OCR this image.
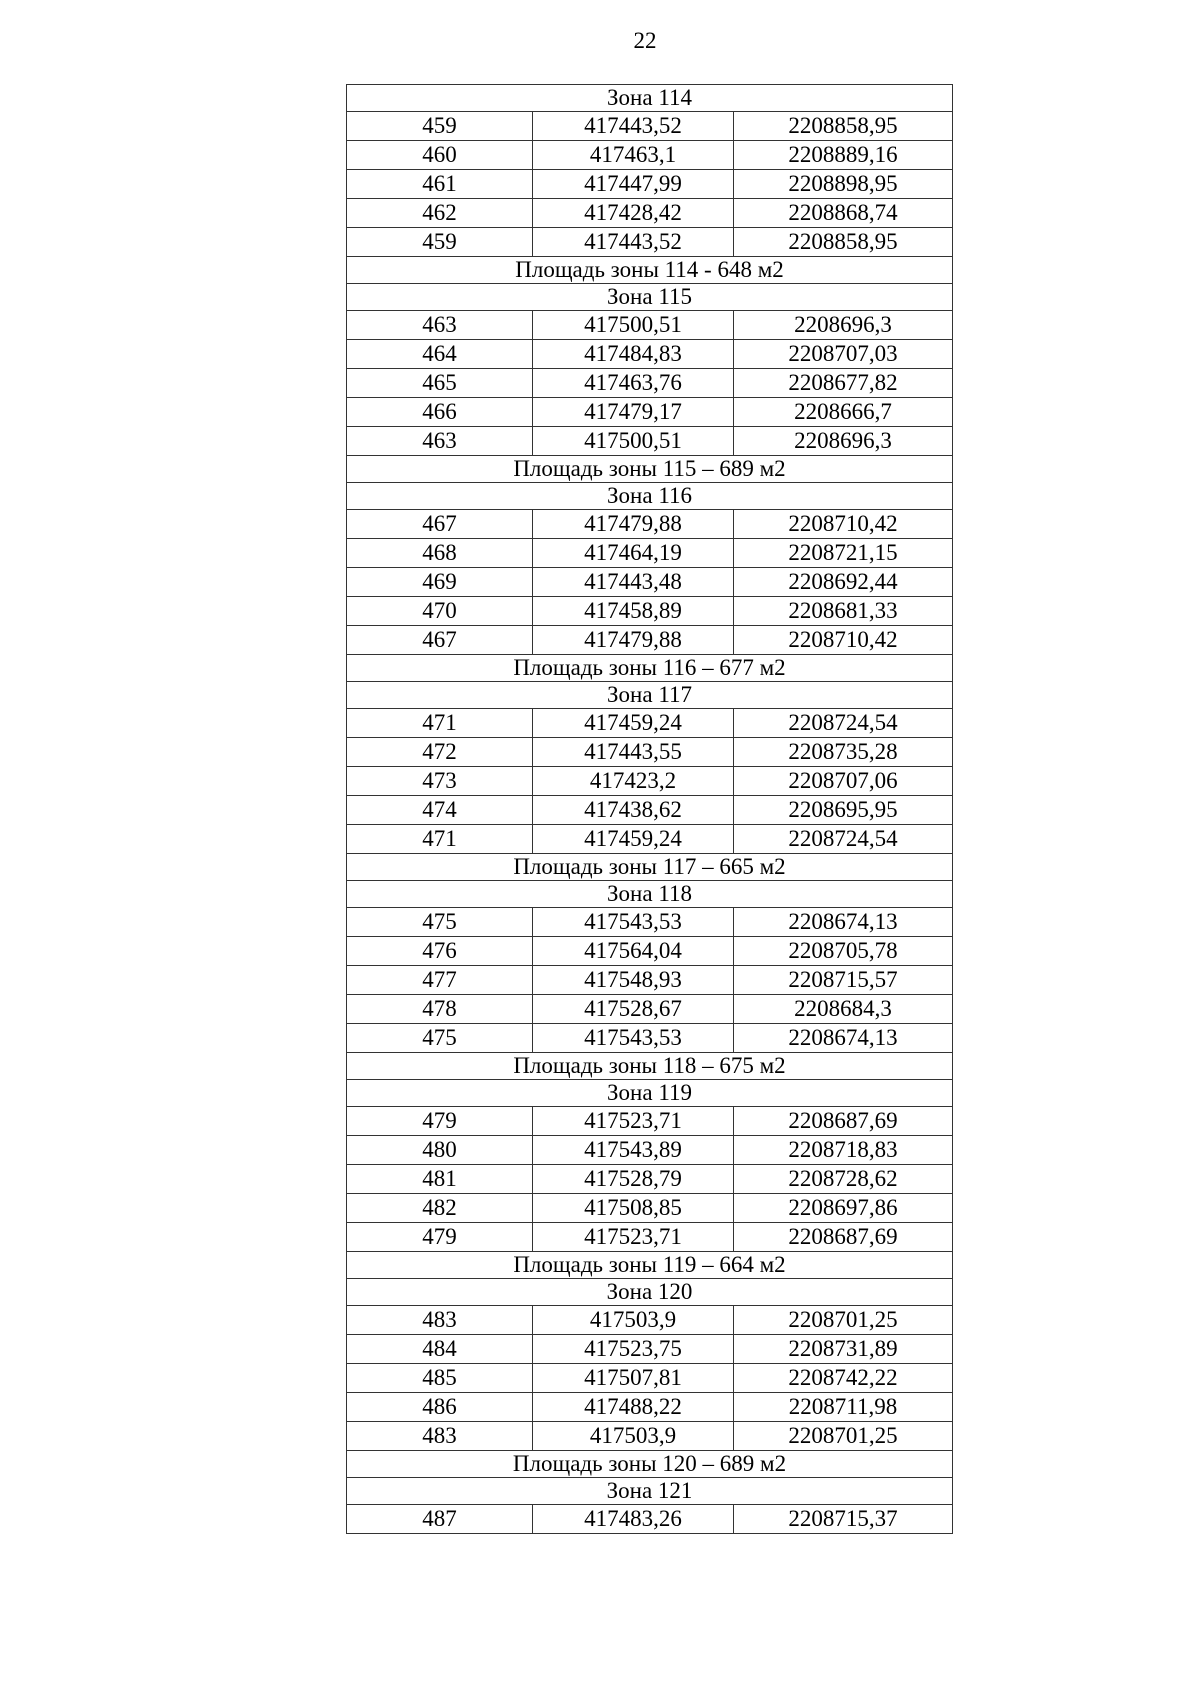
22
Зона 114		
459	417443,52	2208858,95
460	417463,1	2208889,16
461	417447,99	2208898,95
462	417428,42	2208868,74
459	417443,52	2208858,95
Площадь зоны 114 - 648 м2		
Зона 115		
463	417500,51	2208696,3
464	417484,83	2208707,03
465	417463,76	2208677,82
466	417479,17	2208666,7
463	417500,51	2208696,3
Площадь зоны 115 – 689 м2		
Зона 116		
467	417479,88	2208710,42
468	417464,19	2208721,15
469	417443,48	2208692,44
470	417458,89	2208681,33
467	417479,88	2208710,42
Площадь зоны 116 – 677 м2		
Зона 117		
471	417459,24	2208724,54
472	417443,55	2208735,28
473	417423,2	2208707,06
474	417438,62	2208695,95
471	417459,24	2208724,54
Площадь зоны 117 – 665 м2		
Зона 118		
475	417543,53	2208674,13
476	417564,04	2208705,78
477	417548,93	2208715,57
478	417528,67	2208684,3
475	417543,53	2208674,13
Площадь зоны 118 – 675 м2		
Зона 119		
479	417523,71	2208687,69
480	417543,89	2208718,83
481	417528,79	2208728,62
482	417508,85	2208697,86
479	417523,71	2208687,69
Площадь зоны 119 – 664 м2		
Зона 120		
483	417503,9	2208701,25
484	417523,75	2208731,89
485	417507,81	2208742,22
486	417488,22	2208711,98
483	417503,9	2208701,25
Площадь зоны 120 – 689 м2		
Зона 121		
487	417483,26	2208715,37
